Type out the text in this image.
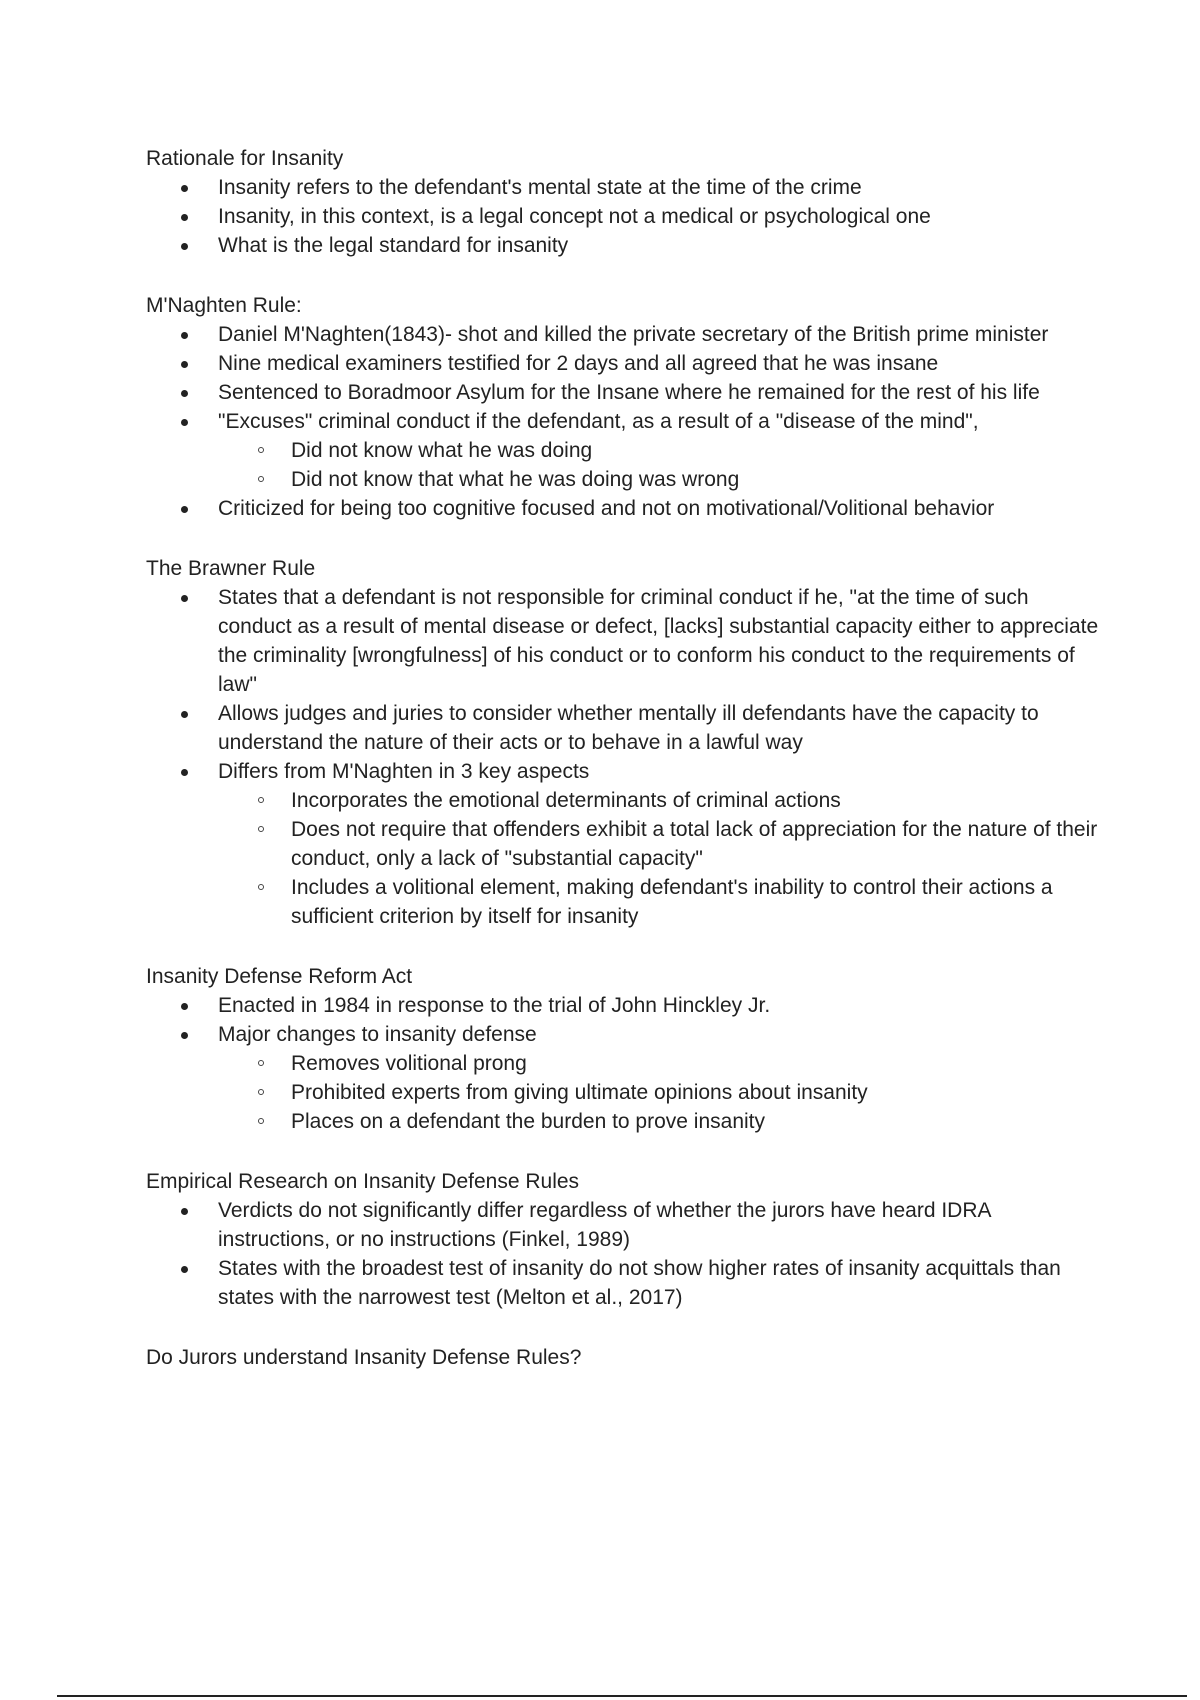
Rationale for Insanity

Insanity refers to the defendant's mental state at the time of the crime
Insanity, in this context, is a legal concept not a medical or psychological one
What is the legal standard for insanity

M'Naghten Rule:

Daniel M'Naghten(1843)- shot and killed the private secretary of the British prime minister
Nine medical examiners testified for 2 days and all agreed that he was insane
Sentenced to Boradmoor Asylum for the Insane where he remained for the rest of his life
"Excuses" criminal conduct if the defendant, as a result of a "disease of the mind",
Did not know what he was doing
Did not know that what he was doing was wrong
Criticized for being too cognitive focused and not on motivational/Volitional behavior

The Brawner Rule

States that a defendant is not responsible for criminal conduct if he, "at the time of such conduct as a result of mental disease or defect, [lacks] substantial capacity either to appreciate the criminality [wrongfulness] of his conduct or to conform his conduct to the requirements of law"
Allows judges and juries to consider whether mentally ill defendants have the capacity to understand the nature of their acts or to behave in a lawful way
Differs from M'Naghten in 3 key aspects
Incorporates the emotional determinants of criminal actions
Does not require that offenders exhibit a total lack of appreciation for the nature of their conduct, only a lack of "substantial capacity"
Includes a volitional element, making defendant's inability to control their actions a sufficient criterion by itself for insanity

Insanity Defense Reform Act

Enacted in 1984 in response to the trial of John Hinckley Jr.
Major changes to insanity defense
Removes volitional prong
Prohibited experts from giving ultimate opinions about insanity
Places on a defendant the burden to prove insanity

Empirical Research on Insanity Defense Rules

Verdicts do not significantly differ regardless of whether the jurors have heard IDRA instructions, or no instructions (Finkel, 1989)
States with the broadest test of insanity do not show higher rates of insanity acquittals than states with the narrowest test (Melton et al., 2017)

Do Jurors understand Insanity Defense Rules?
